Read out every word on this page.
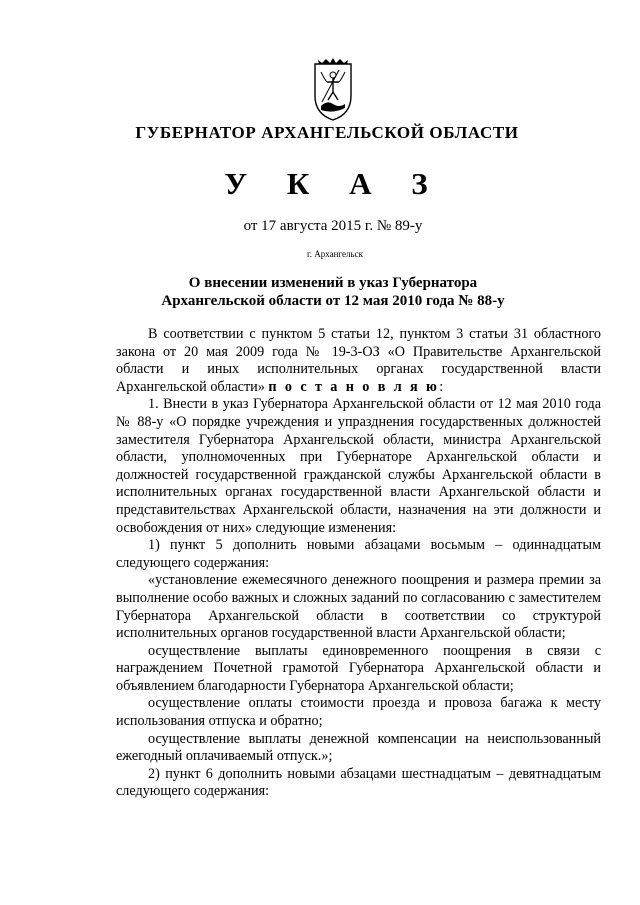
ГУБЕРНАТОР АРХАНГЕЛЬСКОЙ ОБЛАСТИ
У К А З
от 17 августа 2015 г. № 89-у
г. Архангельск
О внесении изменений в указ Губернатора
Архангельской области от 12 мая 2010 года № 88-у

В соответствии с пунктом 5 статьи 12, пунктом 3 статьи 31 областного закона от 20 мая 2009 года № 19-3-ОЗ «О Правительстве Архангельской области и иных исполнительных органах государственной власти Архангельской области» п о с т а н о в л я ю:

1. Внести в указ Губернатора Архангельской области от 12 мая 2010 года № 88-у «О порядке учреждения и упразднения государственных должностей заместителя Губернатора Архангельской области, министра Архангельской области, уполномоченных при Губернаторе Архангельской области и должностей государственной гражданской службы Архангельской области в исполнительных органах государственной власти Архангельской области и представительствах Архангельской области, назначения на эти должности и освобождения от них» следующие изменения:

1) пункт 5 дополнить новыми абзацами восьмым – одиннадцатым следующего содержания:

«установление ежемесячного денежного поощрения и размера премии за выполнение особо важных и сложных заданий по согласованию с заместителем Губернатора Архангельской области в соответствии со структурой исполнительных органов государственной власти Архангельской области;

осуществление выплаты единовременного поощрения в связи с награждением Почетной грамотой Губернатора Архангельской области и объявлением благодарности Губернатора Архангельской области;

осуществление оплаты стоимости проезда и провоза багажа к месту использования отпуска и обратно;

осуществление выплаты денежной компенсации на неиспользованный ежегодный оплачиваемый отпуск.»;

2) пункт 6 дополнить новыми абзацами шестнадцатым – девятнадцатым следующего содержания:
